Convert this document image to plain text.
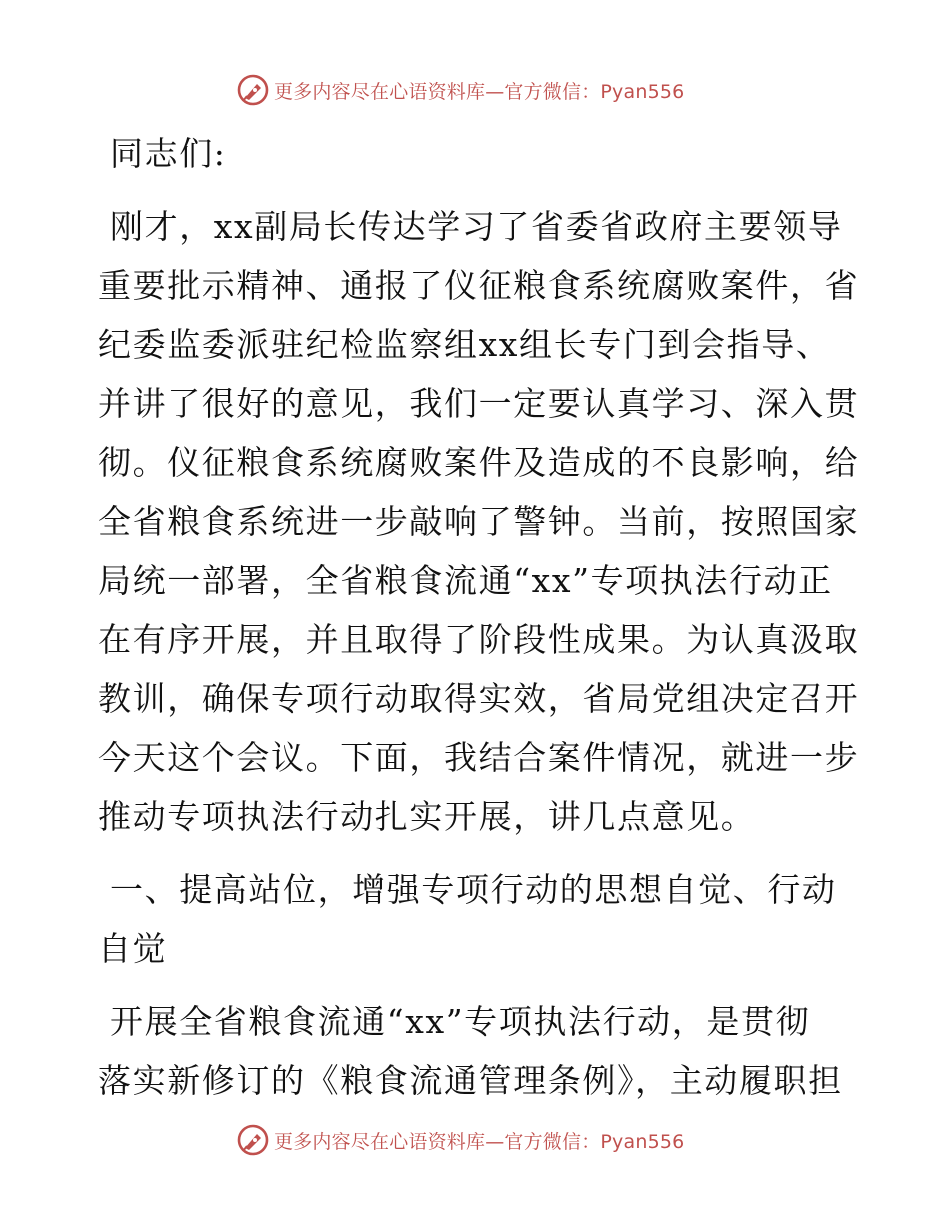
更多内容尽在心语资料库—官方微信：Pyan556
同志们:
刚才，xx副局长传达学习了省委省政府主要领导
重要批示精神、通报了仪征粮食系统腐败案件，省
纪委监委派驻纪检监察组xx组长专门到会指导、
并讲了很好的意见，我们一定要认真学习、深入贯
彻。仪征粮食系统腐败案件及造成的不良影响，给
全省粮食系统进一步敲响了警钟。当前，按照国家
局统一部署，全省粮食流通“xx”专项执法行动正
在有序开展，并且取得了阶段性成果。为认真汲取
教训，确保专项行动取得实效，省局党组决定召开
今天这个会议。下面，我结合案件情况，就进一步
推动专项执法行动扎实开展，讲几点意见。
一、提高站位，增强专项行动的思想自觉、行动
自觉
开展全省粮食流通“xx”专项执法行动，是贯彻
落实新修订的《粮食流通管理条例》，主动履职担
更多内容尽在心语资料库—官方微信：Pyan556
